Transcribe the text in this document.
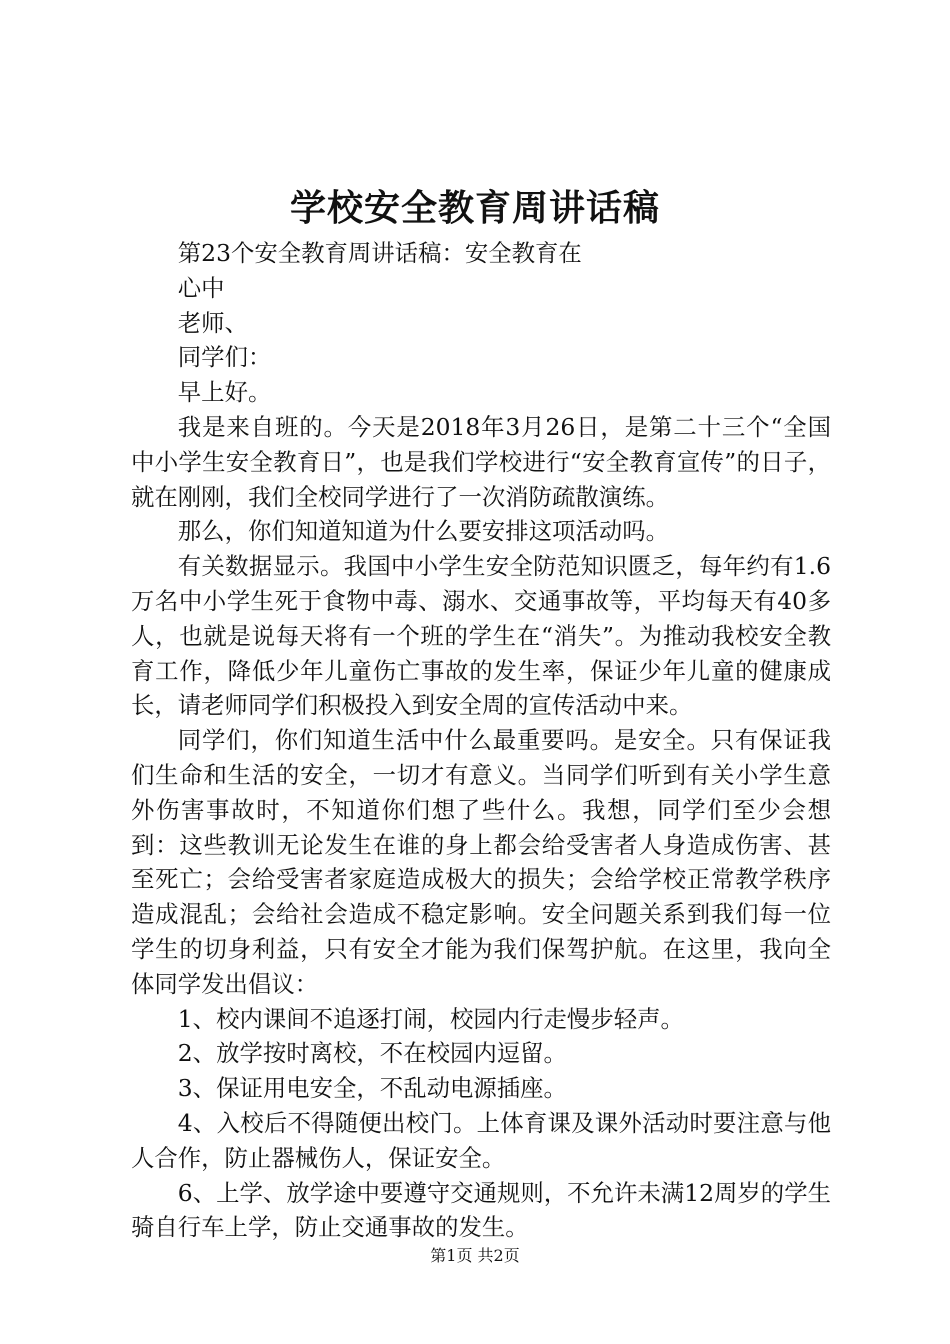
学校安全教育周讲话稿

第23个安全教育周讲话稿：安全教育在

心中

老师、

同学们：

早上好。

我是来自班的。今天是2018年3月26日，是第二十三个“全国中小学生安全教育日”，也是我们学校进行“安全教育宣传”的日子，就在刚刚，我们全校同学进行了一次消防疏散演练。

那么，你们知道知道为什么要安排这项活动吗。

有关数据显示。我国中小学生安全防范知识匮乏，每年约有1.6万名中小学生死于食物中毒、溺水、交通事故等，平均每天有40多人，也就是说每天将有一个班的学生在“消失”。为推动我校安全教育工作，降低少年儿童伤亡事故的发生率，保证少年儿童的健康成长，请老师同学们积极投入到安全周的宣传活动中来。

同学们，你们知道生活中什么最重要吗。是安全。只有保证我们生命和生活的安全，一切才有意义。当同学们听到有关小学生意外伤害事故时，不知道你们想了些什么。我想，同学们至少会想到：这些教训无论发生在谁的身上都会给受害者人身造成伤害、甚至死亡；会给受害者家庭造成极大的损失；会给学校正常教学秩序造成混乱；会给社会造成不稳定影响。安全问题关系到我们每一位学生的切身利益，只有安全才能为我们保驾护航。在这里，我向全体同学发出倡议：

1、校内课间不追逐打闹，校园内行走慢步轻声。

2、放学按时离校，不在校园内逗留。

3、保证用电安全，不乱动电源插座。

4、入校后不得随便出校门。上体育课及课外活动时要注意与他人合作，防止器械伤人，保证安全。

6、上学、放学途中要遵守交通规则，不允许未满12周岁的学生骑自行车上学，防止交通事故的发生。

第1页 共2页
